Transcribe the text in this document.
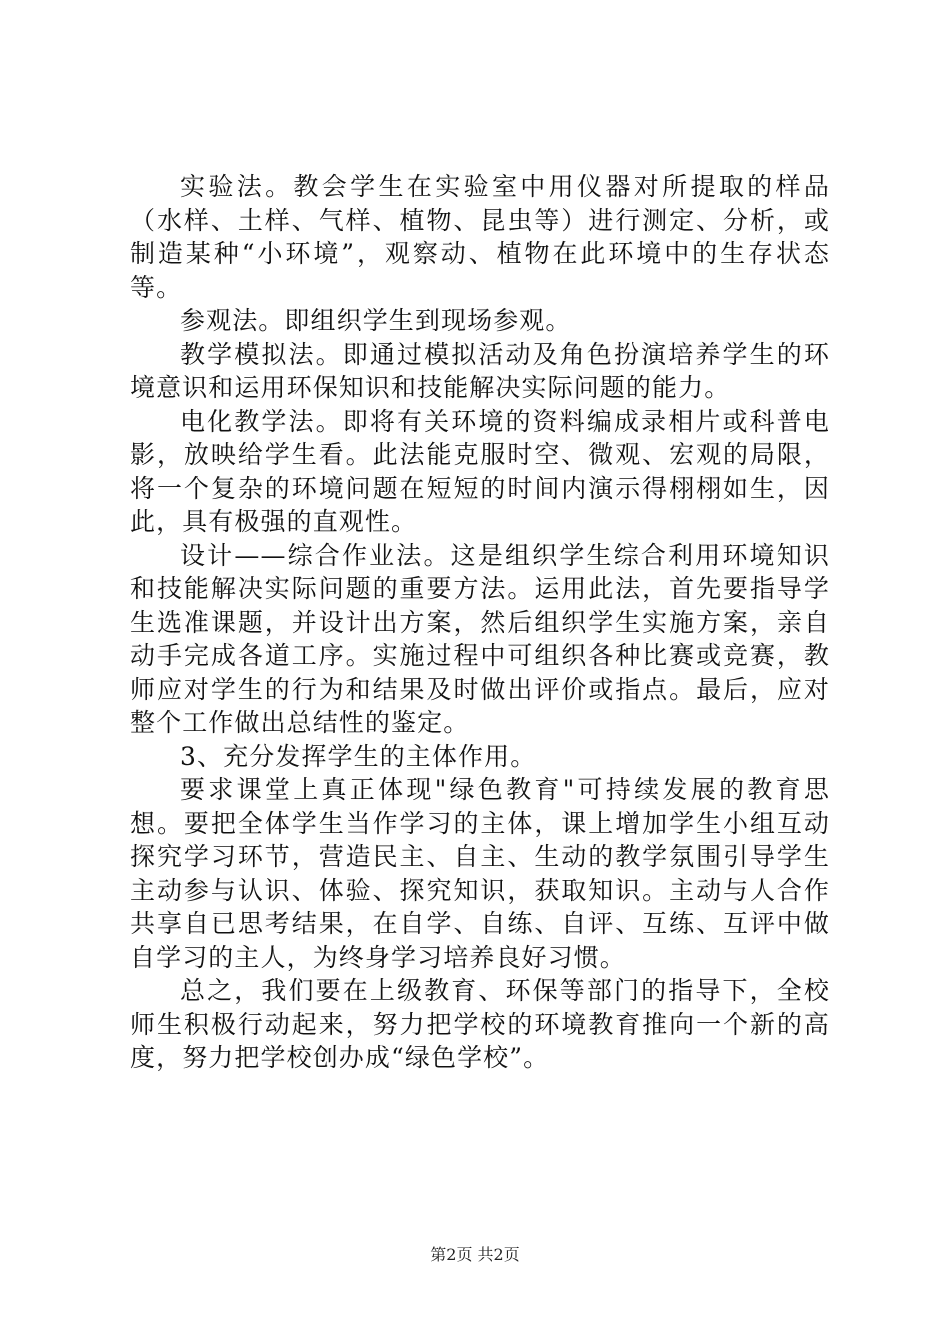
实验法。教会学生在实验室中用仪器对所提取的样品（水样、土样、气样、植物、昆虫等）进行测定、分析，或制造某种“小环境”，观察动、植物在此环境中的生存状态等。

参观法。即组织学生到现场参观。

教学模拟法。即通过模拟活动及角色扮演培养学生的环境意识和运用环保知识和技能解决实际问题的能力。

电化教学法。即将有关环境的资料编成录相片或科普电影，放映给学生看。此法能克服时空、微观、宏观的局限，将一个复杂的环境问题在短短的时间内演示得栩栩如生，因此，具有极强的直观性。

设计——综合作业法。这是组织学生综合利用环境知识和技能解决实际问题的重要方法。运用此法，首先要指导学生选准课题，并设计出方案，然后组织学生实施方案，亲自动手完成各道工序。实施过程中可组织各种比赛或竞赛，教师应对学生的行为和结果及时做出评价或指点。最后，应对整个工作做出总结性的鉴定。

3、充分发挥学生的主体作用。

要求课堂上真正体现"绿色教育"可持续发展的教育思想。要把全体学生当作学习的主体，课上增加学生小组互动探究学习环节，营造民主、自主、生动的教学氛围引导学生主动参与认识、体验、探究知识，获取知识。主动与人合作共享自已思考结果，在自学、自练、自评、互练、互评中做自学习的主人，为终身学习培养良好习惯。

总之，我们要在上级教育、环保等部门的指导下，全校师生积极行动起来，努力把学校的环境教育推向一个新的高度，努力把学校创办成“绿色学校”。

第2页 共2页
